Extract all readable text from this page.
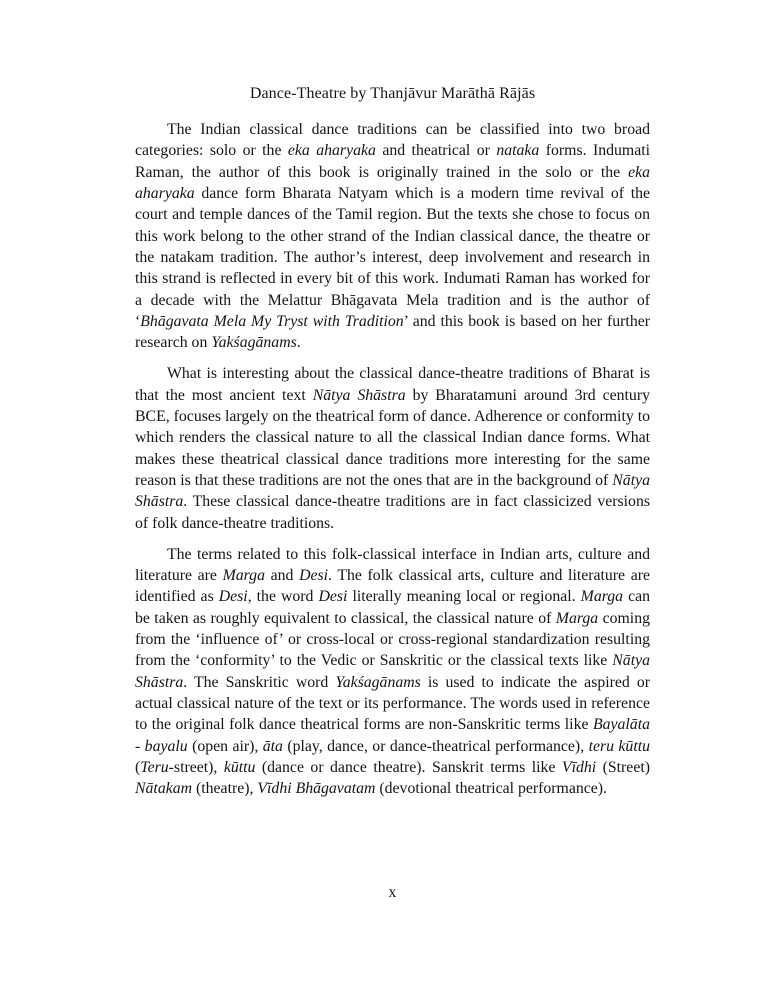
Dance-Theatre by Thanjāvur Marāthā Rājās

The Indian classical dance traditions can be classified into two broad categories: solo or the eka aharyaka and theatrical or nataka forms. Indumati Raman, the author of this book is originally trained in the solo or the eka aharyaka dance form Bharata Natyam which is a modern time revival of the court and temple dances of the Tamil region. But the texts she chose to focus on this work belong to the other strand of the Indian classical dance, the theatre or the natakam tradition. The author’s interest, deep involvement and research in this strand is reflected in every bit of this work. Indumati Raman has worked for a decade with the Melattur Bhāgavata Mela tradition and is the author of ‘Bhāgavata Mela My Tryst with Tradition’ and this book is based on her further research on Yakśagānams.

What is interesting about the classical dance-theatre traditions of Bharat is that the most ancient text Nātya Shāstra by Bharatamuni around 3rd century BCE, focuses largely on the theatrical form of dance. Adherence or conformity to which renders the classical nature to all the classical Indian dance forms. What makes these theatrical classical dance traditions more interesting for the same reason is that these traditions are not the ones that are in the background of Nātya Shāstra. These classical dance-theatre traditions are in fact classicized versions of folk dance-theatre traditions.

The terms related to this folk-classical interface in Indian arts, culture and literature are Marga and Desi. The folk classical arts, culture and literature are identified as Desi, the word Desi literally meaning local or regional. Marga can be taken as roughly equivalent to classical, the classical nature of Marga coming from the ‘influence of’ or cross-local or cross-regional standardization resulting from the ‘conformity’ to the Vedic or Sanskritic or the classical texts like Nātya Shāstra. The Sanskritic word Yakśagānams is used to indicate the aspired or actual classical nature of the text or its performance. The words used in reference to the original folk dance theatrical forms are non-Sanskritic terms like Bayalāta - bayalu (open air), āta (play, dance, or dance-theatrical performance), teru kūttu (Teru-street), kūttu (dance or dance theatre). Sanskrit terms like Vīdhi (Street) Nātakam (theatre), Vīdhi Bhāgavatam (devotional theatrical performance).

x
